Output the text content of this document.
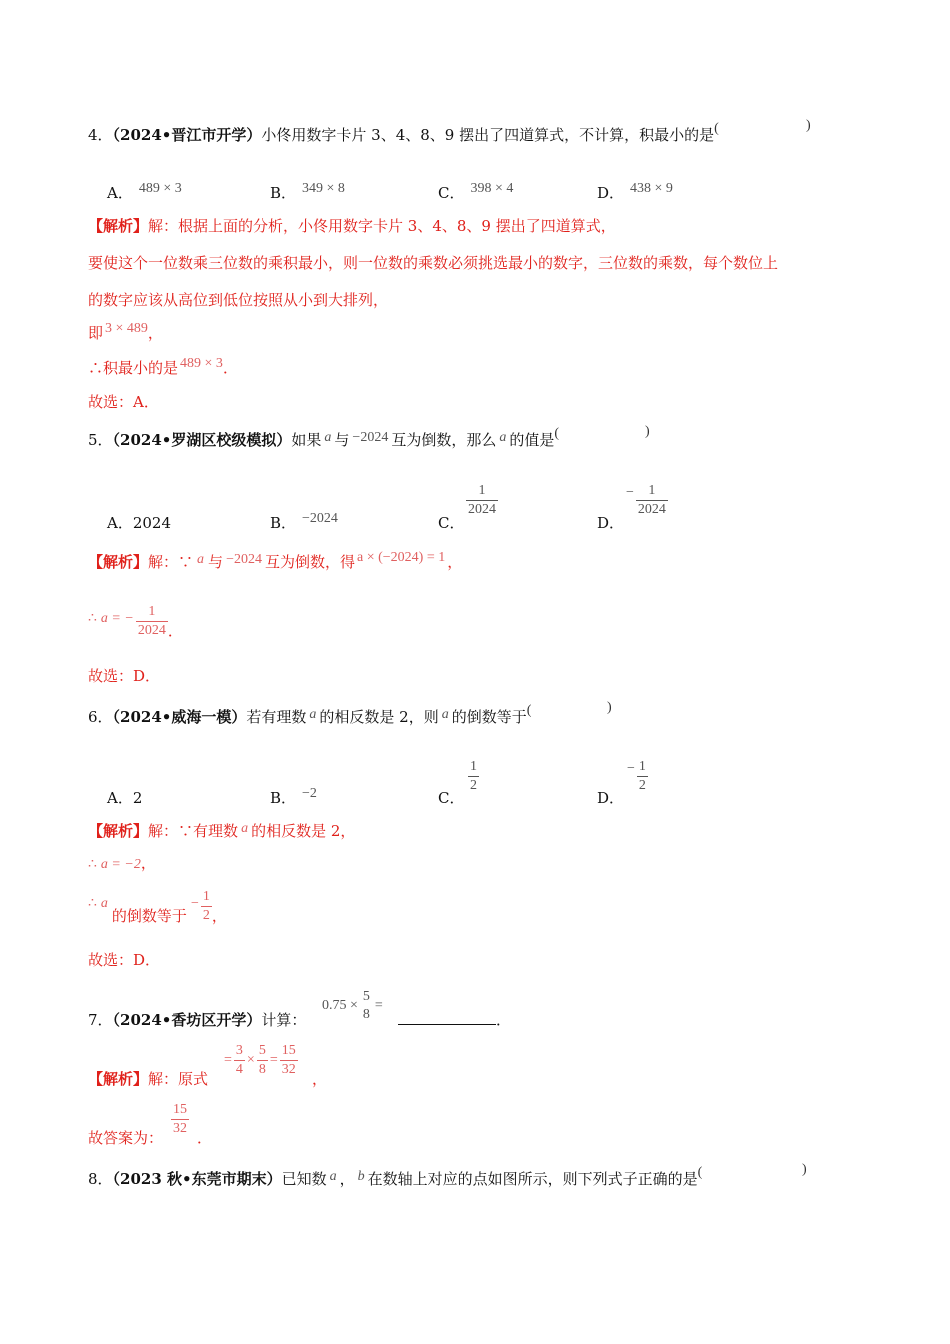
4．（2024•晋江市开学）小佟用数字卡片 3、4、8、9 摆出了四道算式，不计算，积最小的是(	)
A． 489 × 3	B． 349 × 8	C． 398 × 4	D． 438 × 9
【解析】解：根据上面的分析，小佟用数字卡片 3、4、8、9 摆出了四道算式，
要使这个一位数乘三位数的乘积最小，则一位数的乘数必须挑选最小的数字，三位数的乘数，每个数位上
的数字应该从高位到低位按照从小到大排列，
即 3 × 489，
∴积最小的是 489 × 3．
故选：A．
5．（2024•罗湖区校级模拟）如果 a 与 −2024 互为倒数，那么 a 的值是(	)
A．2024	B． −2024	C．
$\frac{1}{2024}$
D．
− $\frac{1}{2024}$
【解析】解：∵ a 与 −2024 互为倒数，得 a × (−2024) = 1 ，
∴ a = − $\frac{1}{2024}$ ．
故选：D．
6．（2024•威海一模）若有理数 a 的相反数是 2，则 a 的倒数等于(	)
A．2	B． −2	C．
$\frac{1}{2}$
D．
− $\frac{1}{2}$
【解析】解：∵有理数 a 的相反数是 2，
∴ a = −2，
∴ a的倒数等于− $\frac{1}{2}$ ，
故选：D．
7．（2024•香坊区开学）计算：
0.75 ×
5
8
=
．
【解析】解：原式
= $\frac{3}{4} \times \frac{5}{8} = \frac{15}{32}$ ，
故答案为： $\frac{15}{32}$ ．
8．（2023 秋•东莞市期末）已知数 a ， b 在数轴上对应的点如图所示，则下列式子正确的是(	)
